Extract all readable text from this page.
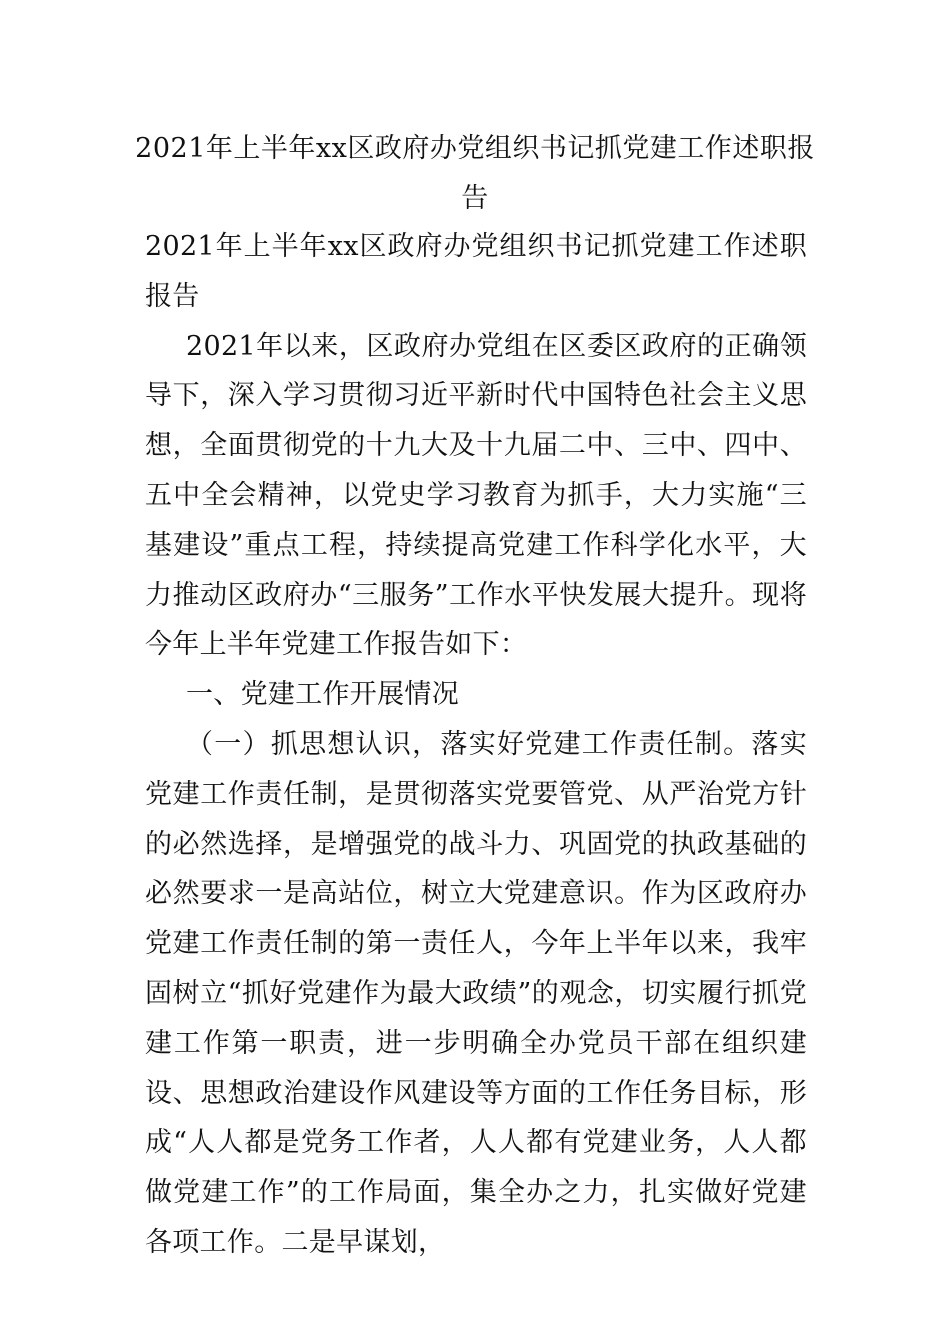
2021年上半年xx区政府办党组织书记抓党建工作述职报告

2021年上半年xx区政府办党组织书记抓党建工作述职报告

2021年以来，区政府办党组在区委区政府的正确领导下，深入学习贯彻习近平新时代中国特色社会主义思想，全面贯彻党的十九大及十九届二中、三中、四中、五中全会精神，以党史学习教育为抓手，大力实施“三基建设”重点工程，持续提高党建工作科学化水平，大力推动区政府办“三服务”工作水平快发展大提升。现将今年上半年党建工作报告如下：

一、党建工作开展情况

（一）抓思想认识，落实好党建工作责任制。落实党建工作责任制，是贯彻落实党要管党、从严治党方针的必然选择，是增强党的战斗力、巩固党的执政基础的必然要求一是高站位，树立大党建意识。作为区政府办党建工作责任制的第一责任人，今年上半年以来，我牢固树立“抓好党建作为最大政绩”的观念，切实履行抓党建工作第一职责，进一步明确全办党员干部在组织建设、思想政治建设作风建设等方面的工作任务目标，形成“人人都是党务工作者，人人都有党建业务，人人都做党建工作”的工作局面，集全办之力，扎实做好党建各项工作。二是早谋划，
